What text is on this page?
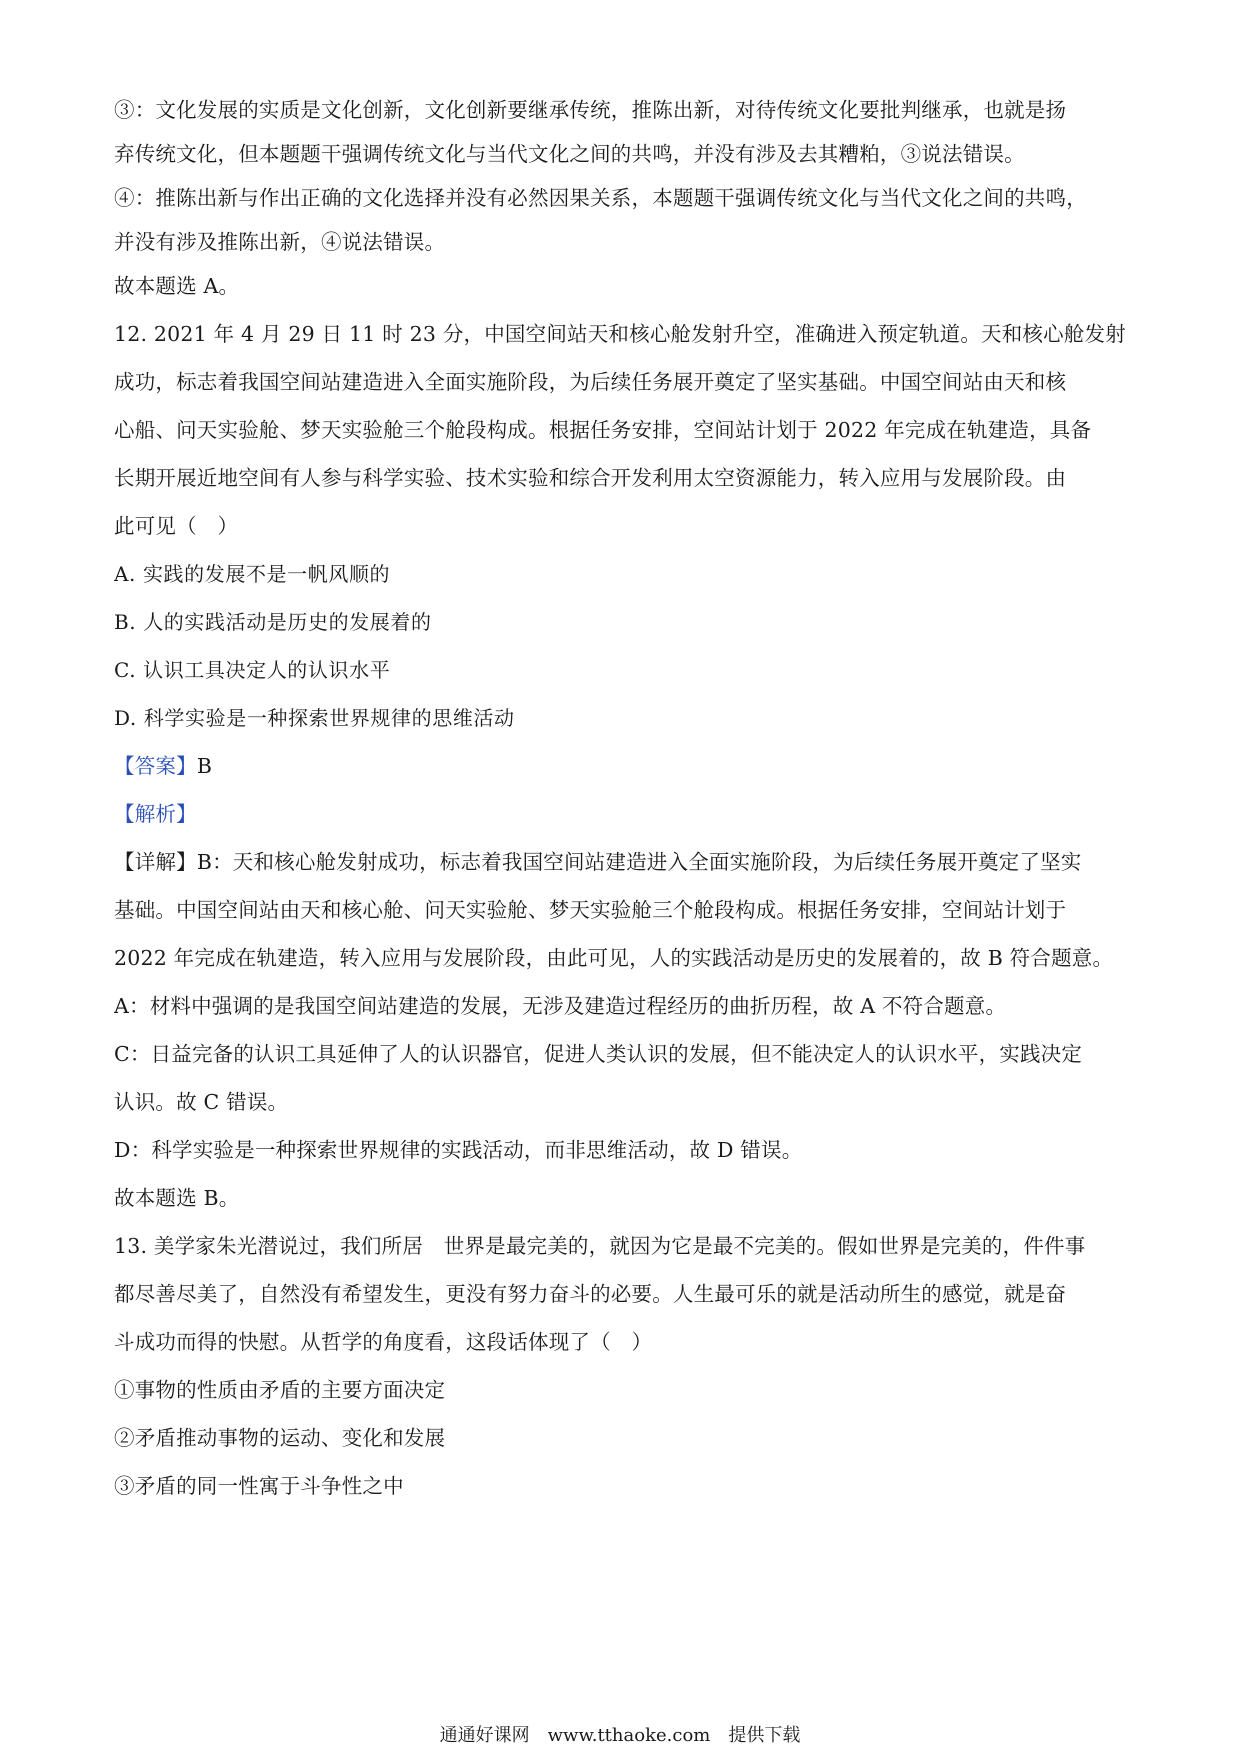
③：文化发展的实质是文化创新，文化创新要继承传统，推陈出新，对待传统文化要批判继承，也就是扬
弃传统文化，但本题题干强调传统文化与当代文化之间的共鸣，并没有涉及去其糟粕，③说法错误。
④：推陈出新与作出正确的文化选择并没有必然因果关系，本题题干强调传统文化与当代文化之间的共鸣，
并没有涉及推陈出新，④说法错误。
故本题选 A。
12. 2021 年 4 月 29 日 11 时 23 分，中国空间站天和核心舱发射升空，准确进入预定轨道。天和核心舱发射
成功，标志着我国空间站建造进入全面实施阶段，为后续任务展开奠定了坚实基础。中国空间站由天和核
心船、问天实验舱、梦天实验舱三个舱段构成。根据任务安排，空间站计划于 2022 年完成在轨建造，具备
长期开展近地空间有人参与科学实验、技术实验和综合开发利用太空资源能力，转入应用与发展阶段。由
此可见（　）
A. 实践的发展不是一帆风顺的
B. 人的实践活动是历史的发展着的
C. 认识工具决定人的认识水平
D. 科学实验是一种探索世界规律的思维活动
【答案】B
【解析】
【详解】B：天和核心舱发射成功，标志着我国空间站建造进入全面实施阶段，为后续任务展开奠定了坚实
基础。中国空间站由天和核心舱、问天实验舱、梦天实验舱三个舱段构成。根据任务安排，空间站计划于
2022 年完成在轨建造，转入应用与发展阶段，由此可见，人的实践活动是历史的发展着的，故 B 符合题意。
A：材料中强调的是我国空间站建造的发展，无涉及建造过程经历的曲折历程，故 A 不符合题意。
C：日益完备的认识工具延伸了人的认识器官，促进人类认识的发展，但不能决定人的认识水平，实践决定
认识。故 C 错误。
D：科学实验是一种探索世界规律的实践活动，而非思维活动，故 D 错误。
故本题选 B。
13. 美学家朱光潜说过，我们所居　世界是最完美的，就因为它是最不完美的。假如世界是完美的，件件事
都尽善尽美了，自然没有希望发生，更没有努力奋斗的必要。人生最可乐的就是活动所生的感觉，就是奋
斗成功而得的快慰。从哲学的角度看，这段话体现了（　）
①事物的性质由矛盾的主要方面决定
②矛盾推动事物的运动、变化和发展
③矛盾的同一性寓于斗争性之中
通通好课网　www.tthaoke.com　提供下载
